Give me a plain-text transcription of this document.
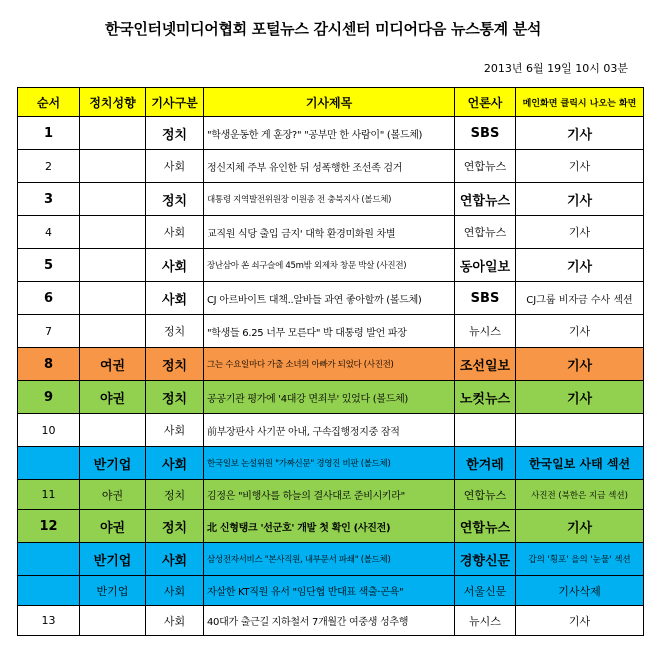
한국인터넷미디어협회 포털뉴스 감시센터 미디어다음 뉴스통계 분석
2013년 6월 19일 10시 03분
순서	정치성향	기사구분	기사제목	언론사	메인화면 클릭시 나오는 화면
1		정치	"학생운동한 게 훈장?" "공부만 한 사람이" (볼드체)	SBS	기사
2		사회	정신지체 주부 유인한 뒤 성폭행한 조선족 검거	연합뉴스	기사
3		정치	대통령 지역발전위원장 이원종 전 충북지사 (볼드체)	연합뉴스	기사
4		사회	교직원 식당 출입 금지' 대학 환경미화원 차별	연합뉴스	기사
5		사회	장난삼아 쏜 쇠구슬에 45m밖 외제차 창문 박살 (사진전)	동아일보	기사
6		사회	CJ 아르바이트 대책..알바들 과연 좋아할까 (볼드체)	SBS	CJ그룹 비자금 수사 섹션
7		정치	"학생들 6.25 너무 모른다" 박 대통령 발언 파장	뉴시스	기사
8	여권	정치	그는 수요일마다 가출 소녀의 아빠가 되었다 (사진전)	조선일보	기사
9	야권	정치	공공기관 평가에 '4대강 면죄부' 있었다 (볼드체)	노컷뉴스	기사
10		사회	前부장판사 사기꾼 아내, 구속집행정지중 잠적		
	반기업	사회	한국일보 논설위원 "가짜신문" 경영진 비판 (볼드체)	한겨레	한국일보 사태 섹션
11	야권	정치	김정은 "비행사를 하늘의 결사대로 준비시키라"	연합뉴스	사진전 (북한은 지금 섹션)
12	야권	정치	北 신형탱크 '선군호' 개발 첫 확인 (사진전)	연합뉴스	기사
	반기업	사회	삼성전자서비스 "본사직원, 내부문서 파쇄" (볼드체)	경향신문	갑의 '횡포' 을의 '눈물' 섹션
	반기업	사회	자살한 KT직원 유서 "임단협 반대표 색출·곤욕"	서울신문	기사삭제
13		사회	40대가 출근길 지하철서 7개월간 여중생 성추행	뉴시스	기사
